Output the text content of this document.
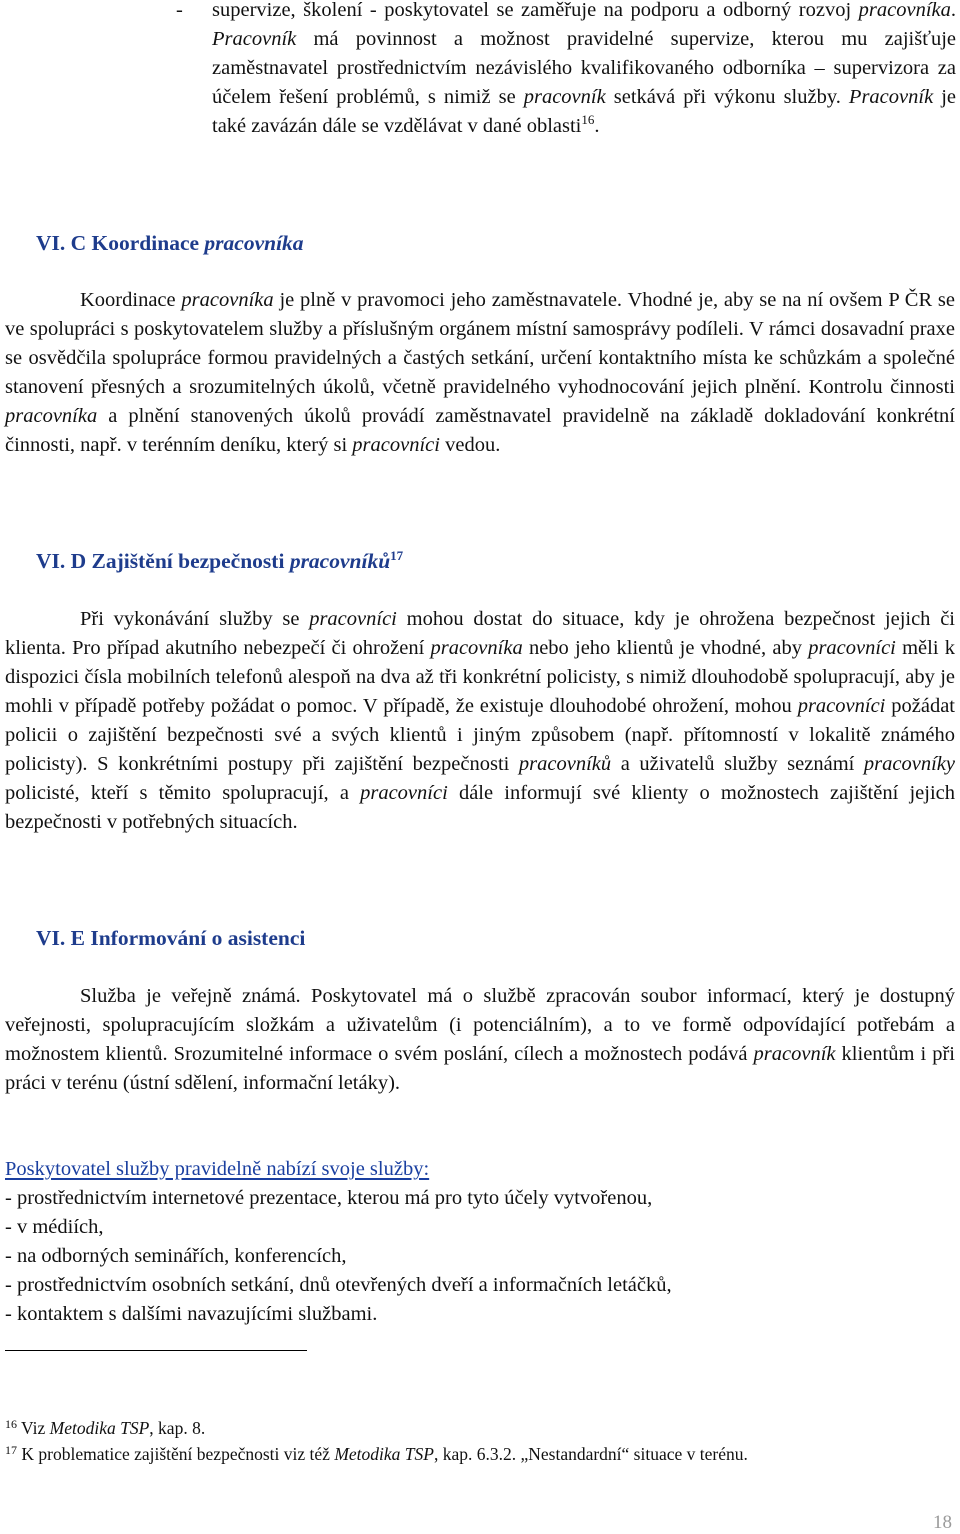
- supervize, školení - poskytovatel se zaměřuje na podporu a odborný rozvoj pracovníka. Pracovník má povinnost a možnost pravidelné supervize, kterou mu zajišťuje zaměstnavatel prostřednictvím nezávislého kvalifikovaného odborníka – supervizora za účelem řešení problémů, s nimiž se pracovník setkává při výkonu služby. Pracovník je také zavázán dále se vzdělávat v dané oblasti$^{16}$.

VI. C Koordinace pracovníka

Koordinace pracovníka je plně v pravomoci jeho zaměstnavatele. Vhodné je, aby se na ní ovšem P ČR se ve spolupráci s poskytovatelem služby a příslušným orgánem místní samosprávy podíleli. V rámci dosavadní praxe se osvědčila spolupráce formou pravidelných a častých setkání, určení kontaktního místa ke schůzkám a společné stanovení přesných a srozumitelných úkolů, včetně pravidelného vyhodnocování jejich plnění. Kontrolu činnosti pracovníka a plnění stanovených úkolů provádí zaměstnavatel pravidelně na základě dokladování konkrétní činnosti, např. v terénním deníku, který si pracovníci vedou.

VI. D Zajištění bezpečnosti pracovníků$^{17}$

Při vykonávání služby se pracovníci mohou dostat do situace, kdy je ohrožena bezpečnost jejich či klienta. Pro případ akutního nebezpečí či ohrožení pracovníka nebo jeho klientů je vhodné, aby pracovníci měli k dispozici čísla mobilních telefonů alespoň na dva až tři konkrétní policisty, s nimiž dlouhodobě spolupracují, aby je mohli v případě potřeby požádat o pomoc. V případě, že existuje dlouhodobé ohrožení, mohou pracovníci požádat policii o zajištění bezpečnosti své a svých klientů i jiným způsobem (např. přítomností v lokalitě známého policisty). S konkrétními postupy při zajištění bezpečnosti pracovníků a uživatelů služby seznámí pracovníky policisté, kteří s těmito spolupracují, a pracovníci dále informují své klienty o možnostech zajištění jejich bezpečnosti v potřebných situacích.

VI. E Informování o asistenci

Služba je veřejně známá. Poskytovatel má o službě zpracován soubor informací, který je dostupný veřejnosti, spolupracujícím složkám a uživatelům (i potenciálním), a to ve formě odpovídající potřebám a možnostem klientů. Srozumitelné informace o svém poslání, cílech a možnostech podává pracovník klientům i při práci v terénu (ústní sdělení, informační letáky).

Poskytovatel služby pravidelně nabízí svoje služby:

- prostřednictvím internetové prezentace, kterou má pro tyto účely vytvořenou,

- v médiích,

- na odborných seminářích, konferencích,

- prostřednictvím osobních setkání, dnů otevřených dveří a informačních letáčků,

- kontaktem s dalšími navazujícími službami.

$^{16}$ Viz Metodika TSP, kap. 8.

$^{17}$ K problematice zajištění bezpečnosti viz též Metodika TSP, kap. 6.3.2. „Nestandardní“ situace v terénu.

18
